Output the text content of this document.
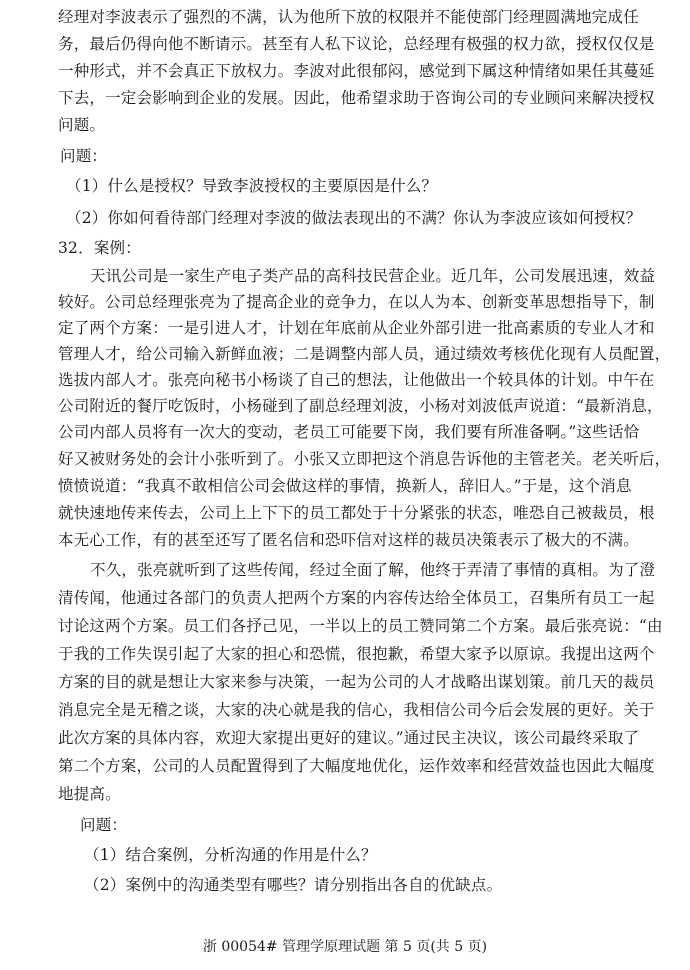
经理对李波表示了强烈的不满，认为他所下放的权限并不能使部门经理圆满地完成任
务，最后仍得向他不断请示。甚至有人私下议论，总经理有极强的权力欲，授权仅仅是
一种形式，并不会真正下放权力。李波对此很郁闷，感觉到下属这种情绪如果任其蔓延
下去，一定会影响到企业的发展。因此，他希望求助于咨询公司的专业顾问来解决授权
问题。
问题：
（1）什么是授权？导致李波授权的主要原因是什么？
（2）你如何看待部门经理对李波的做法表现出的不满？你认为李波应该如何授权？
32．案例：
天讯公司是一家生产电子类产品的高科技民营企业。近几年，公司发展迅速，效益
较好。公司总经理张亮为了提高企业的竞争力，在以人为本、创新变革思想指导下，制
定了两个方案：一是引进人才，计划在年底前从企业外部引进一批高素质的专业人才和
管理人才，给公司输入新鲜血液；二是调整内部人员，通过绩效考核优化现有人员配置，
选拔内部人才。张亮向秘书小杨谈了自己的想法，让他做出一个较具体的计划。中午在
公司附近的餐厅吃饭时，小杨碰到了副总经理刘波，小杨对刘波低声说道：“最新消息，
公司内部人员将有一次大的变动，老员工可能要下岗，我们要有所准备啊。”这些话恰
好又被财务处的会计小张听到了。小张又立即把这个消息告诉他的主管老关。老关听后，
愤愤说道：“我真不敢相信公司会做这样的事情，换新人，辞旧人。”于是，这个消息
就快速地传来传去，公司上上下下的员工都处于十分紧张的状态，唯恐自己被裁员，根
本无心工作，有的甚至还写了匿名信和恐吓信对这样的裁员决策表示了极大的不满。
不久，张亮就听到了这些传闻，经过全面了解，他终于弄清了事情的真相。为了澄
清传闻，他通过各部门的负责人把两个方案的内容传达给全体员工，召集所有员工一起
讨论这两个方案。员工们各抒己见，一半以上的员工赞同第二个方案。最后张亮说：“由
于我的工作失误引起了大家的担心和恐慌，很抱歉，希望大家予以原谅。我提出这两个
方案的目的就是想让大家来参与决策，一起为公司的人才战略出谋划策。前几天的裁员
消息完全是无稽之谈，大家的决心就是我的信心，我相信公司今后会发展的更好。关于
此次方案的具体内容，欢迎大家提出更好的建议。”通过民主决议，该公司最终采取了
第二个方案，公司的人员配置得到了大幅度地优化，运作效率和经营效益也因此大幅度
地提高。
问题：
（1）结合案例，分析沟通的作用是什么？
（2）案例中的沟通类型有哪些？请分别指出各自的优缺点。
浙 00054# 管理学原理试题 第 5 页(共 5 页)
